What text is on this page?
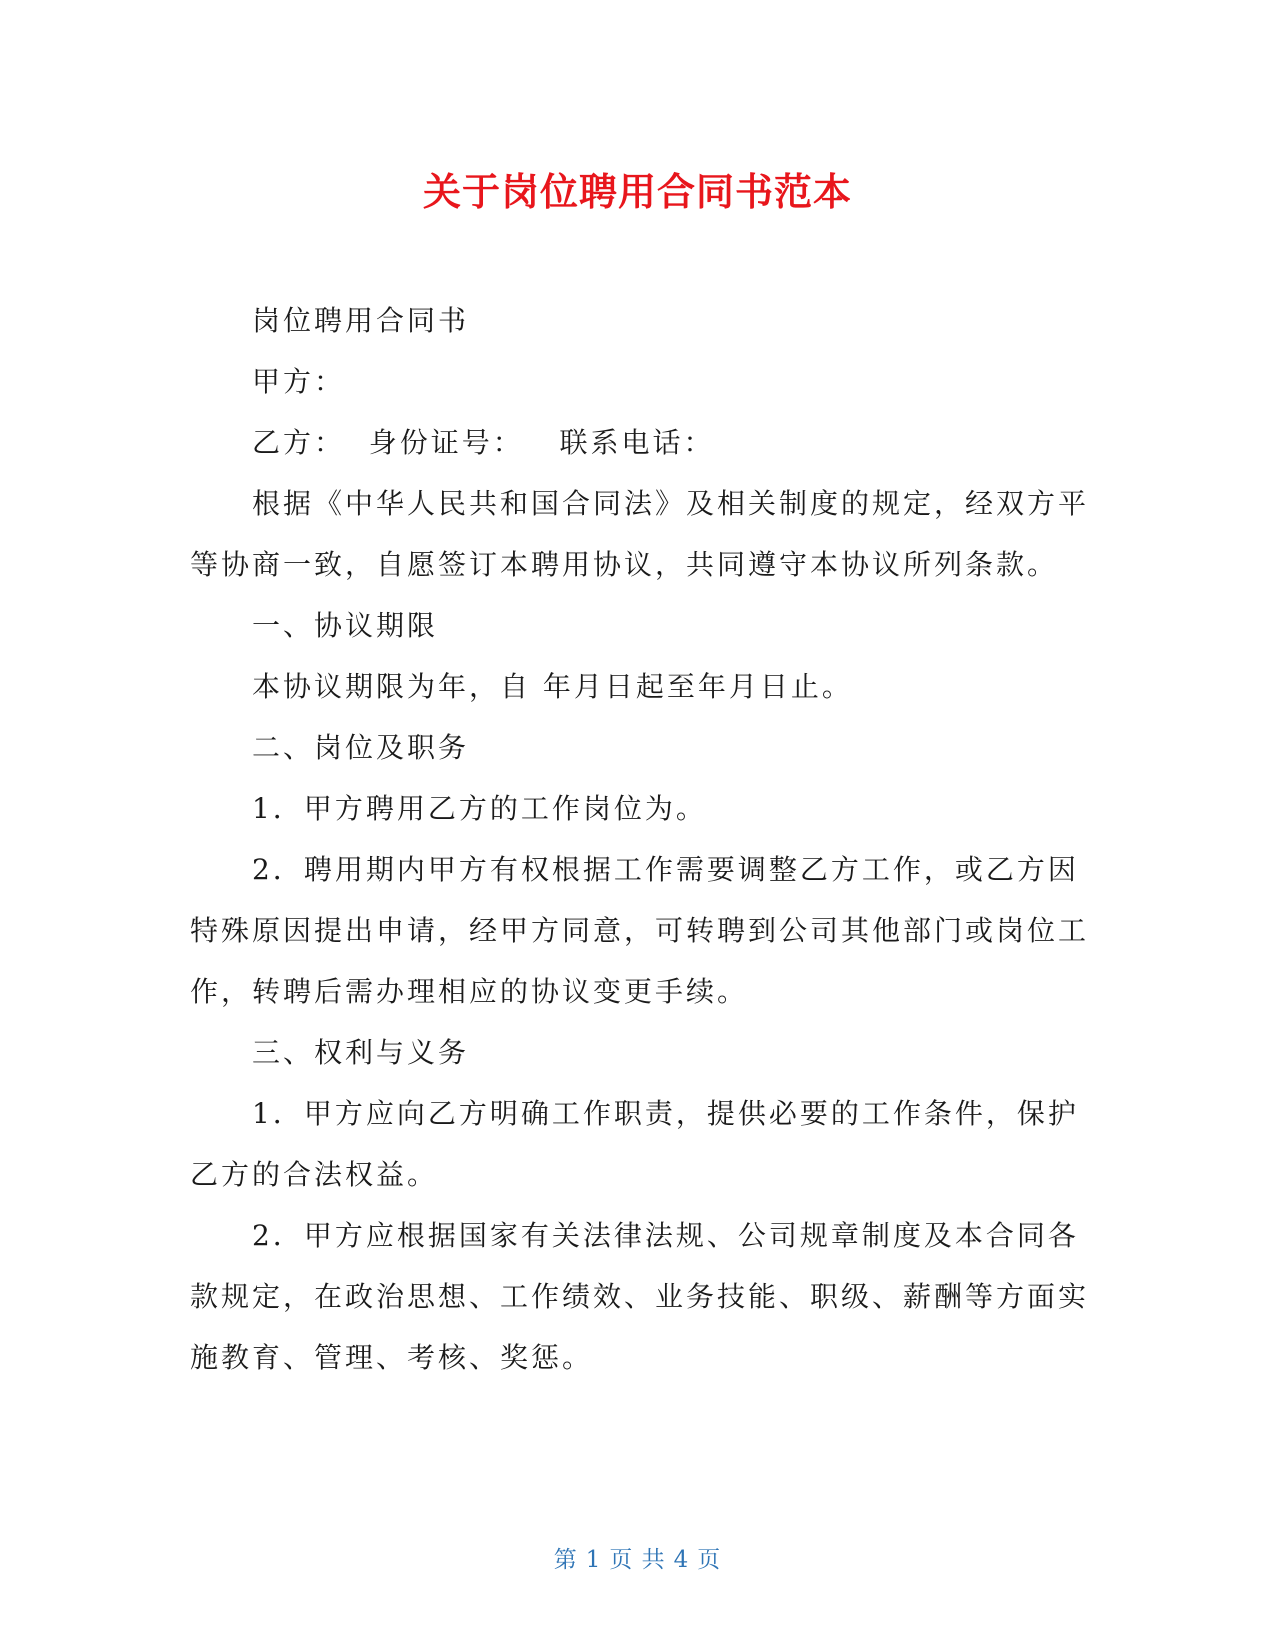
关于岗位聘用合同书范本

岗位聘用合同书

甲方：

乙方：  身份证号：   联系电话：

根据《中华人民共和国合同法》及相关制度的规定，经双方平等协商一致，自愿签订本聘用协议，共同遵守本协议所列条款。

一、协议期限

本协议期限为年，自 年月日起至年月日止。

二、岗位及职务

1．甲方聘用乙方的工作岗位为。

2．聘用期内甲方有权根据工作需要调整乙方工作，或乙方因特殊原因提出申请，经甲方同意，可转聘到公司其他部门或岗位工作，转聘后需办理相应的协议变更手续。

三、权利与义务

1．甲方应向乙方明确工作职责，提供必要的工作条件，保护乙方的合法权益。

2．甲方应根据国家有关法律法规、公司规章制度及本合同各款规定，在政治思想、工作绩效、业务技能、职级、薪酬等方面实施教育、管理、考核、奖惩。

第 1 页 共 4 页
